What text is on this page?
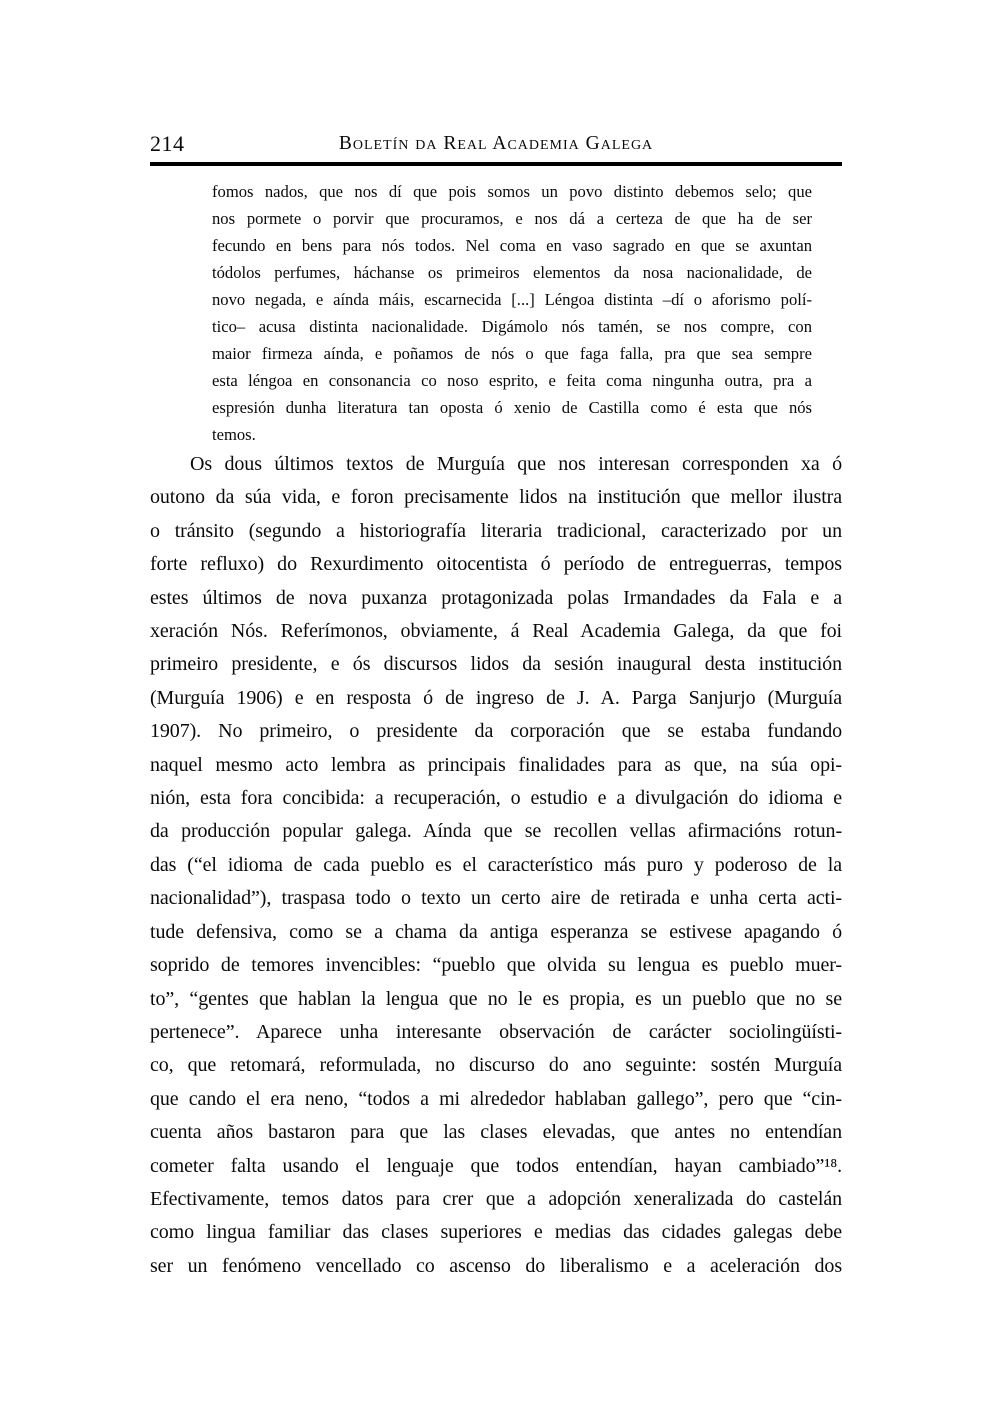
214	Boletín da Real Academia Galega
fomos nados, que nos dí que pois somos un povo distinto debemos selo; que
nos pormete o porvir que procuramos, e nos dá a certeza de que ha de ser
fecundo en bens para nós todos. Nel coma en vaso sagrado en que se axuntan
tódolos perfumes, háchanse os primeiros elementos da nosa nacionalidade, de
novo negada, e aínda máis, escarnecida [...] Léngoa distinta –dí o aforismo polí-
tico– acusa distinta nacionalidade. Digámolo nós tamén, se nos compre, con
maior firmeza aínda, e poñamos de nós o que faga falla, pra que sea sempre
esta léngoa en consonancia co noso esprito, e feita coma ningunha outra, pra a
espresión dunha literatura tan oposta ó xenio de Castilla como é esta que nós
temos.
Os dous últimos textos de Murguía que nos interesan corresponden xa ó
outono da súa vida, e foron precisamente lidos na institución que mellor ilustra
o tránsito (segundo a historiografía literaria tradicional, caracterizado por un
forte refluxo) do Rexurdimento oitocentista ó período de entreguerras, tempos
estes últimos de nova puxanza protagonizada polas Irmandades da Fala e a
xeración Nós. Referímonos, obviamente, á Real Academia Galega, da que foi
primeiro presidente, e ós discursos lidos da sesión inaugural desta institución
(Murguía 1906) e en resposta ó de ingreso de J. A. Parga Sanjurjo (Murguía
1907). No primeiro, o presidente da corporación que se estaba fundando
naquel mesmo acto lembra as principais finalidades para as que, na súa opi-
nión, esta fora concibida: a recuperación, o estudio e a divulgación do idioma e
da producción popular galega. Aínda que se recollen vellas afirmacións rotun-
das (“el idioma de cada pueblo es el característico más puro y poderoso de la
nacionalidad”), traspasa todo o texto un certo aire de retirada e unha certa acti-
tude defensiva, como se a chama da antiga esperanza se estivese apagando ó
soprido de temores invencibles: “pueblo que olvida su lengua es pueblo muer-
to”, “gentes que hablan la lengua que no le es propia, es un pueblo que no se
pertenece”. Aparece unha interesante observación de carácter sociolingüísti-
co, que retomará, reformulada, no discurso do ano seguinte: sostén Murguía
que cando el era neno, “todos a mi alrededor hablaban gallego”, pero que “cin-
cuenta años bastaron para que las clases elevadas, que antes no entendían
cometer falta usando el lenguaje que todos entendían, hayan cambiado”¹⁸.
Efectivamente, temos datos para crer que a adopción xeneralizada do castelán
como lingua familiar das clases superiores e medias das cidades galegas debe
ser un fenómeno vencellado co ascenso do liberalismo e a aceleración dos
